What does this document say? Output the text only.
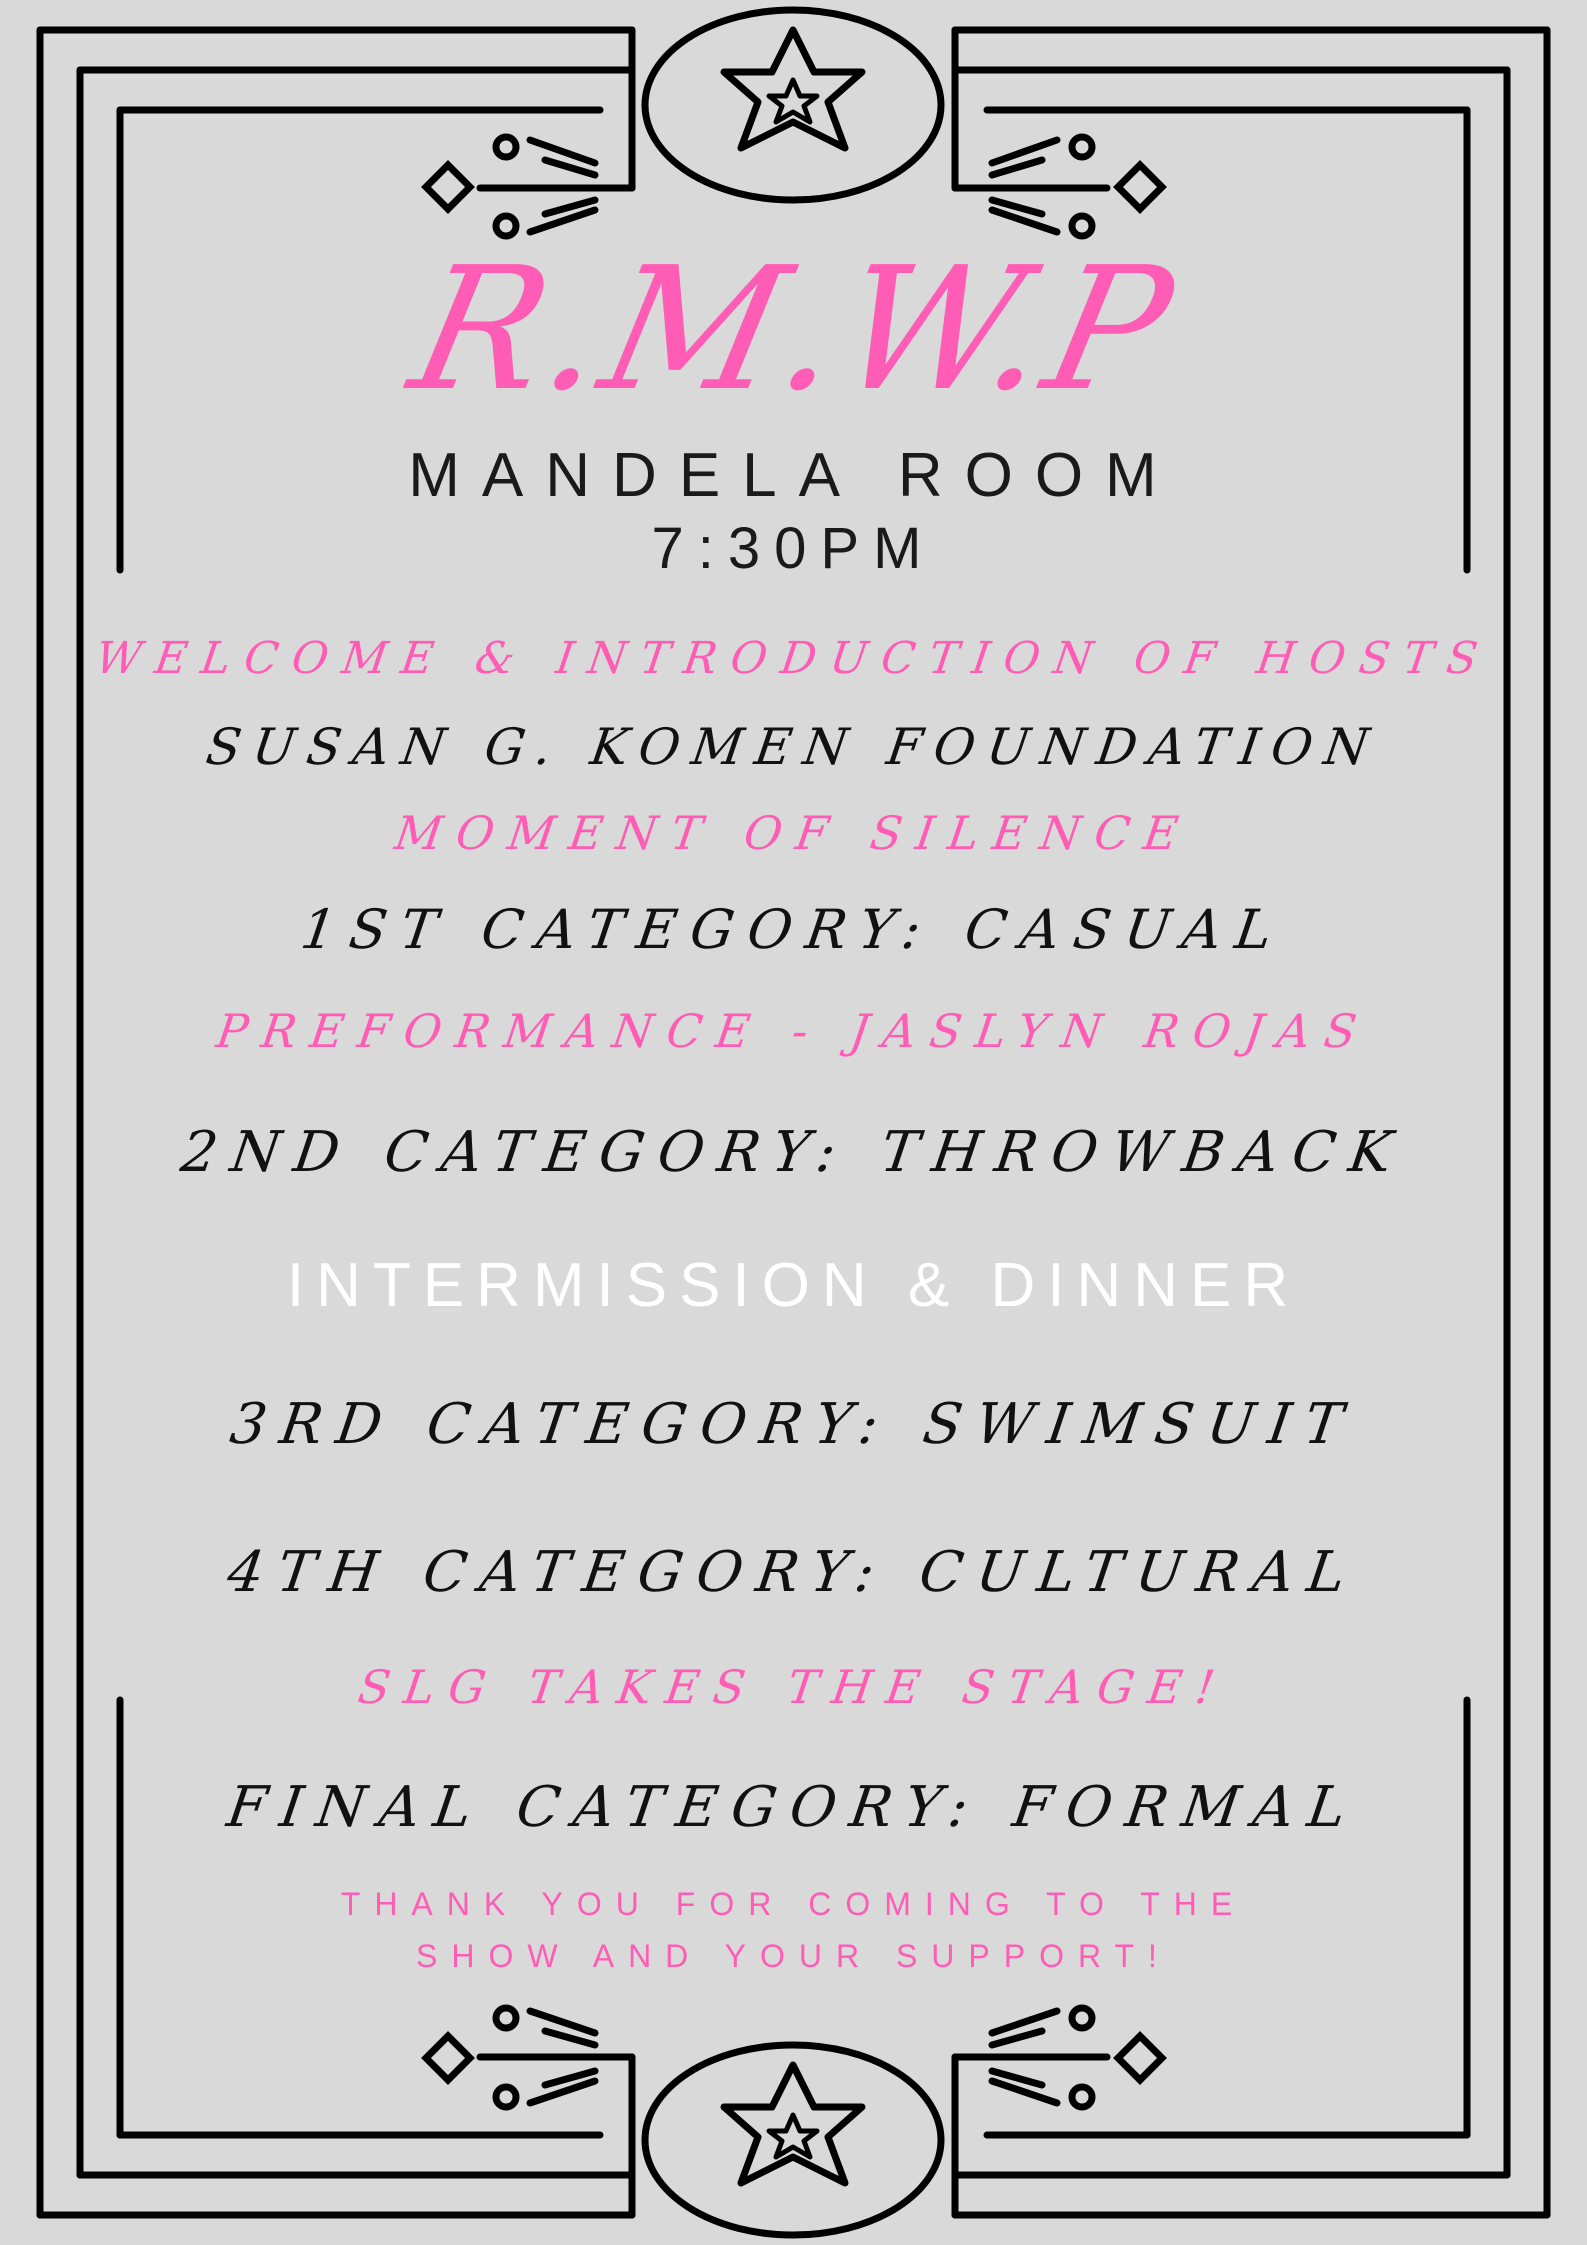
R.M.W.P
MANDELA ROOM
7:30PM
WELCOME & INTRODUCTION OF HOSTS
SUSAN G. KOMEN FOUNDATION
MOMENT OF SILENCE
1ST CATEGORY: CASUAL
PREFORMANCE - JASLYN ROJAS
2ND CATEGORY: THROWBACK
INTERMISSION & DINNER
3RD CATEGORY: SWIMSUIT
4TH CATEGORY: CULTURAL
SLG TAKES THE STAGE!
FINAL CATEGORY: FORMAL
THANK YOU FOR COMING TO THE
SHOW AND YOUR SUPPORT!
